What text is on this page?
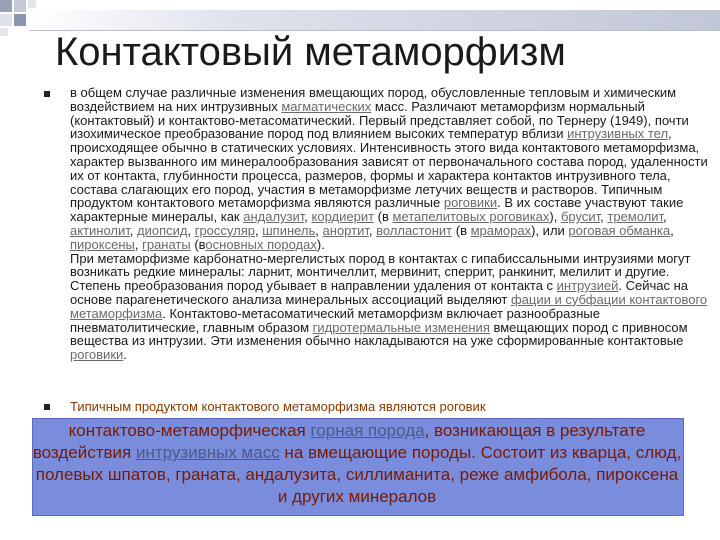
Контактовый метаморфизм

в общем случае различные изменения вмещающих пород, обусловленные тепловым и химическим воздействием на них интрузивных магматических масс. Различают метаморфизм нормальный (контактовый) и контактово-метасоматический. Первый представляет собой, по Тернеру (1949), почти изохимическое преобразование пород под влиянием высоких температур вблизи интрузивных тел, происходящее обычно в статических условиях. Интенсивность этого вида контактового метаморфизма, характер вызванного им минералообразования зависят от первоначального состава пород, удаленности их от контакта, глубинности процесса, размеров, формы и характера контактов интрузивного тела, состава слагающих его пород, участия в метаморфизме летучих веществ и растворов. Типичным продуктом контактового метаморфизма являются различные роговики. В их составе участвуют такие характерные минералы, как андалузит, кордиерит (в метапелитовых роговиках), брусит, тремолит, актинолит, диопсид, гроссуляр, шпинель, анортит, волластонит (в мраморах), или роговая обманка, пироксены, гранаты (восновных породах).

При метаморфизме карбонатно-мергелистых пород в контактах с гипабиссальными интрузиями могут возникать редкие минералы: ларнит, монтичеллит, мервинит, сперрит, ранкинит, мелилит и другие.

Степень преобразования пород убывает в направлении удаления от контакта с интрузией. Сейчас на основе парагенетического анализа минеральных ассоциаций выделяют фации и субфации контактового метаморфизма. Контактово-метасоматический метаморфизм включает разнообразные пневматолитические, главным образом гидротермальные изменения вмещающих пород с привносом вещества из интрузии. Эти изменения обычно накладываются на уже сформированные контактовые роговики.

Типичным продуктом контактового метаморфизма являются роговик
контактово-метаморфическая горная порода, возникающая в результате воздействия интрузивных масс на вмещающие породы. Состоит из кварца, слюд, полевых шпатов, граната, андалузита, силлиманита, реже амфибола, пироксена и других минералов
